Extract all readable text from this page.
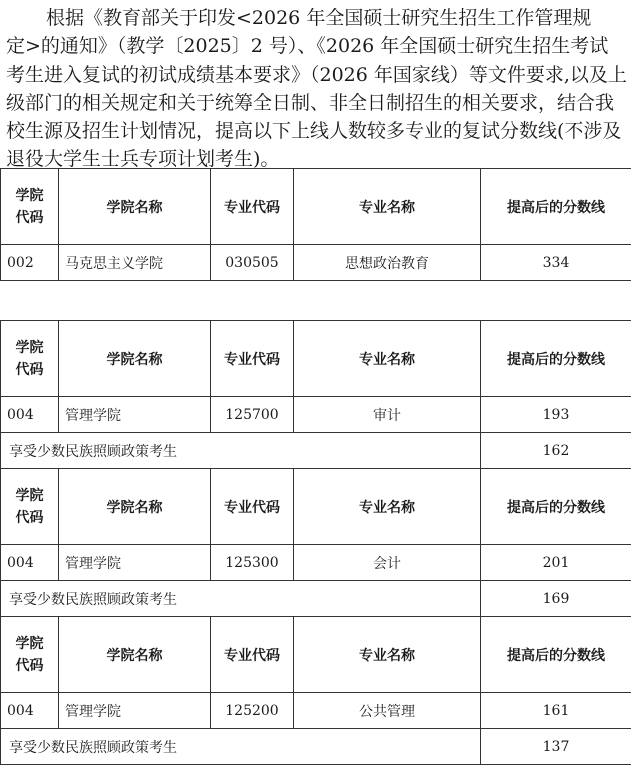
根据《教育部关于印发<2026 年全国硕士研究生招生工作管理规
定>的通知》（教学〔2025〕2 号）、《2026 年全国硕士研究生招生考试
考生进入复试的初试成绩基本要求》（2026 年国家线）等文件要求,以及上
级部门的相关规定和关于统筹全日制、非全日制招生的相关要求，结合我
校生源及招生计划情况，提高以下上线人数较多专业的复试分数线(不涉及
退役大学生士兵专项计划考生)。
学院
代码	学院名称	专业代码	专业名称	提高后的分数线
002	马克思主义学院	030505	思想政治教育	334
学院
代码	学院名称	专业代码	专业名称	提高后的分数线
004	管理学院	125700	审计	193
享受少数民族照顾政策考生				162
学院
代码	学院名称	专业代码	专业名称	提高后的分数线
004	管理学院	125300	会计	201
享受少数民族照顾政策考生				169
学院
代码	学院名称	专业代码	专业名称	提高后的分数线
004	管理学院	125200	公共管理	161
享受少数民族照顾政策考生				137
